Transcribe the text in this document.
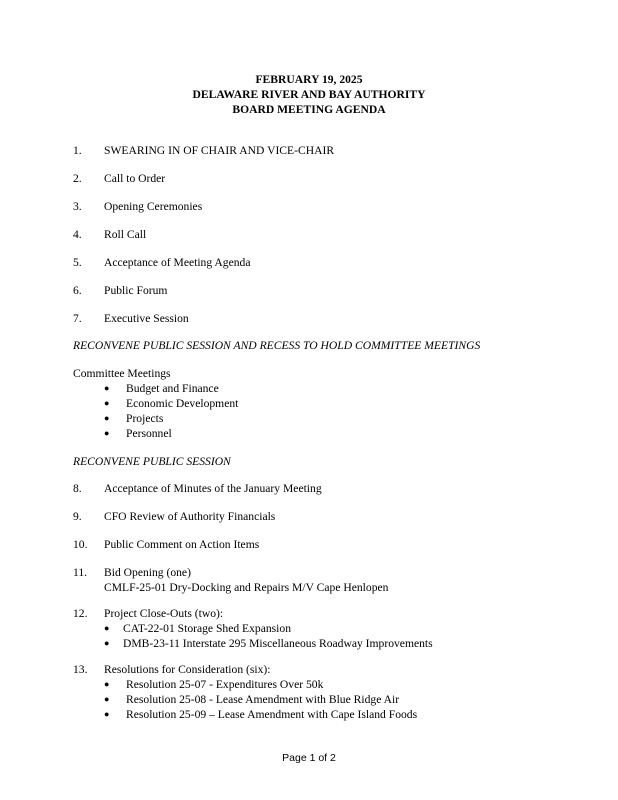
FEBRUARY 19, 2025
DELAWARE RIVER AND BAY AUTHORITY
BOARD MEETING AGENDA
1. SWEARING IN OF CHAIR AND VICE-CHAIR
2. Call to Order
3. Opening Ceremonies
4. Roll Call
5. Acceptance of Meeting Agenda
6. Public Forum
7. Executive Session
RECONVENE PUBLIC SESSION AND RECESS TO HOLD COMMITTEE MEETINGS
Committee Meetings
● Budget and Finance
● Economic Development
● Projects
● Personnel
RECONVENE PUBLIC SESSION
8. Acceptance of Minutes of the January Meeting
9. CFO Review of Authority Financials
10. Public Comment on Action Items
11. Bid Opening (one)
CMLF-25-01 Dry-Docking and Repairs M/V Cape Henlopen
12. Project Close-Outs (two):
● CAT-22-01 Storage Shed Expansion
● DMB-23-11 Interstate 295 Miscellaneous Roadway Improvements
13. Resolutions for Consideration (six):
● Resolution 25-07 - Expenditures Over 50k
● Resolution 25-08 - Lease Amendment with Blue Ridge Air
● Resolution 25-09 – Lease Amendment with Cape Island Foods
Page 1 of 2
